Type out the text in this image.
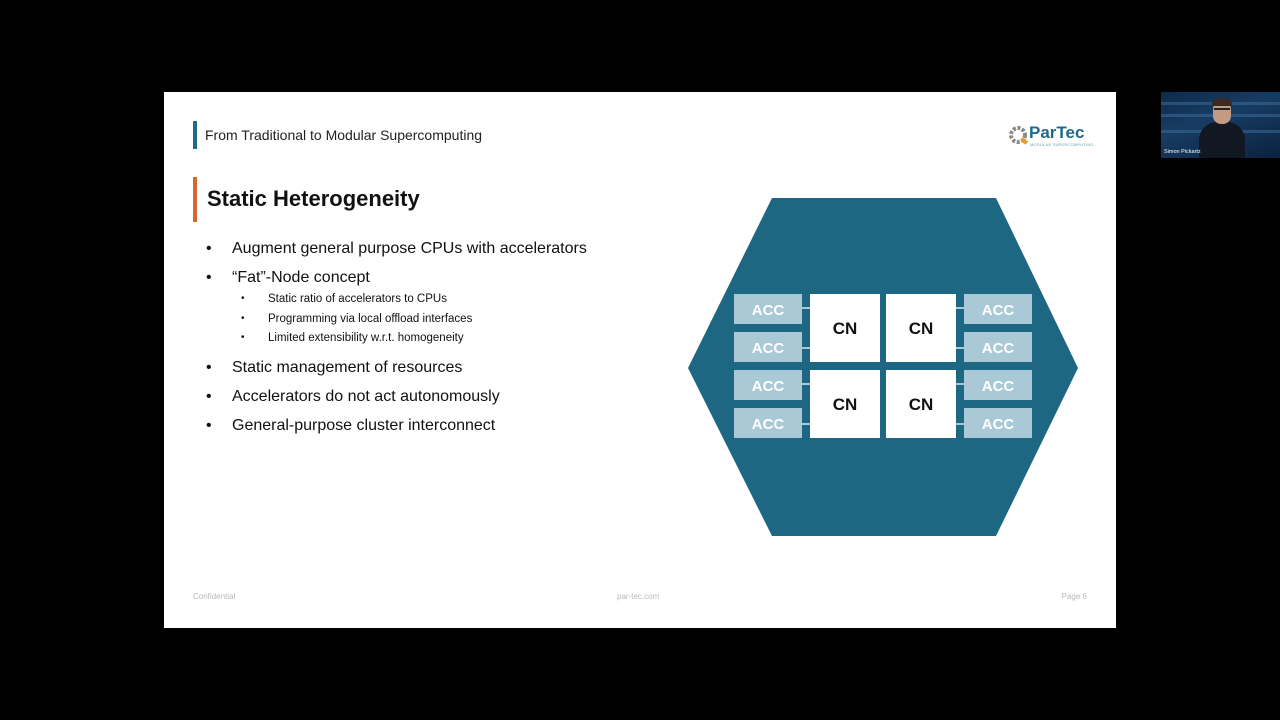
From Traditional to Modular Supercomputing	ParTec
MODULAR SUPERCOMPUTING
Static Heterogeneity
• Augment general purpose CPUs with accelerators
• “Fat”-Node concept
• Static ratio of accelerators to CPUs
• Programming via local offload interfaces
• Limited extensibility w.r.t. homogeneity
• Static management of resources
• Accelerators do not act autonomously
• General-purpose cluster interconnect
ACC
ACC
ACC
ACC
ACC
ACC
ACC
ACC
CN	CN
CN	CN
Confidential	par-tec.com	Page 6
Simon Pickartz
